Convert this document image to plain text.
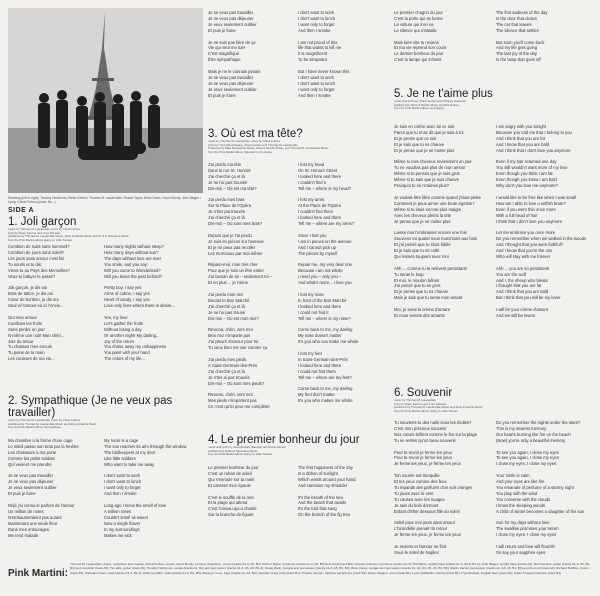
Standing (left to right): Timothy Nishimoto, Dieter Ehrlich, Thomas M. Lauderdale, Robert Taylor, Brian Davis, Gavin Bondy, John Wager / Lying: China Forbes (photo: Bo...)
SIDE A
1. Joli garçon
music by Thomas M. Lauderdale, lyrics by China Forbes
lyrics by Dave Selvine and Yves Sebasto
published by Thomas M. Lauderdale Music, Wow & Dazzle Music and M. & F. Deleurme Music
from the Pink Martini album Hang on Little Tomato
Combien de nuits sans sommeil?
Combien de jours sans soleil?
Les jours sans amour c'est fini
Tu souris et tu dis:
Viens-tu au Pays des Merveilles?
Veux-tu babyer le passé?

Joli garçon, je dis oui
Bras de tatton, je dis oui
Cœur de bonbon, je dis oui
Seul vil l'amour où ici l'envie...

Oui mon amour
Cueillons les fruits
Sans perdre un jour
N-même une nuit! Mon chéri...
Joie du retour
Tu chasses mes ennuis
Tu peins de ta main
Les couleurs de ma vie...
How many nights without sleep?
How many days without sun?
The days without love are over
You smile, and you say:
Will you come to Wonderland?
Will you leave the past behind?

Pretty boy, I say yes
Arms of cotton, I say yes
Heart of candy, I say yes
Love only lives where there is desire...

Yes, my love
Let's gather the fruits
Without losing a day
Or another night! My darling...
Joy of the return
You chase away my unhappiness
You paint with your hand
The colors of my life...
2. Sympathique (Je ne veux pas travailler)
music by Thomas M. Lauderdale, lyrics by China Forbes
published by Thomas M. Lauderdale Music and Wow & Dazzle Music
from the Pink Martini album Sympathique
Ma chambre a la forme d'une cage
Le soleil passe son bras par la fenêtre
Les chasseurs à ma porte
Comme les petits soldats
Qui veulent me prendre

Je ne veux pas travailler
Je ne veux pas déjeuner
Je veux seulement oublier
Et puis je fume

Déjà j'ai connu le parfum de l'amour
Un million de roses
N'embaumeraient pas autant
Maintenant une seule fleur
Dans mes entourages
Me rend malade
My room is a cage
The sun reaches its arm through the window
The birdkeepers at my door
Like little soldiers
Who want to take me away

I don't want to work
I don't want to lunch
I want only to forget
And then I smoke

Long ago I knew the smell of love
A million roses
Couldn't smell as sweet
Now a single flower
In my surroundings
Makes me sick
Je ne veux pas travailler
Je ne veux pas déjeuner
Je veux seulement oublier
Et puis je fume

Je ne suis pas fière de ça
Vie qui veut me tuer
C'est magnifique
Être sympathique

Mais je ne le connais jamais
Je ne veux pas travailler
Je ne veux pas déjeuner
Je veux seulement oublier
Et puis je fume
I don't want to work
I don't want to lunch
I want only to forget
And then I smoke

I am not proud of this
life that wants to kill me
It is magnificent
To be simpatico

But I have never known this
I don't want to work
I don't want to lunch
I want only to forget
And then I smoke
3. Où est ma tête?
music by Thomas M. Lauderdale, lyrics by China Forbes
lyrics by Yves Mouchelaine, China Forbes and Thomas M. Lauderdale
Produced by Mike Moonshine Music, Wow & Dazzle Music, and Thomas M. Lauderdale Music
from the Pink Martini album Splendor in the Grass
J'ai perdu ma tête
Dans la rue St. Honoré
J'ai cherché ça et là
Je ne l'ai pas trouvée
Dis-moi – Où est ma tête?

J'ai perdu mes bras
Sur la Place de l'Opéra
Je n'ties pai trouvés
J'ai cherché ça et là
Dis-moi – Où sont mes bras?

Depuis que je t'ai perdu
Je suis en pièces sur l'avenue
Et je ne peux pas recoller
Les morceaux par moi-même

Répare-moi, mon très cher
Pour que je sois un être entier
J'ai besoin de toi – seulement toi –
Et en plus ... je t'aime

J'ai perdu mon nez
Devant le Bon Marché
J'ai cherché ça et là
Je ne l'ai pas trouvé
Dis-moi – Où est mon nez?

Revicna, chéri, vers moi
Mon nez n'importe pas
J'ai pleuré d'amour pour toi
Tu veux bien me voir comme ça

J'ai perdu mes pieds
À Saint-Germain-des-Prés
J'ai cherché ça et là
Je n'tes ai pas trouvés
Dis-moi – Où sont mes pieds?

Reviens, chéri, vers moi
Mes pieds n'importent pas
Ce n'est qu'ici pour me compléter
I lost my head
On St. Honoré Street
I looked here and there
I couldn't find it
Tell me – where is my head?

I lost my arms
At the Place de l'Opéra
I couldn't find them
I looked here and there
Tell me – where are my arms?

Since I lost you
I am in pieces on the avenue
And I cannot pick up
The pieces by myself

Repair me, my very dear one
Because I am not whole
I need you – only you –
And what's more... I love you

I lost my nose
In front of the Bon Marché
I looked here and there
I could not find it
Tell me – where is my nose?

Come back to me, my darling
My nose doesn't matter
It's you who can make me whole

I lost my feet
In Saint-Germain-des-Prés
I looked here and there
I could not find them
Tell me – where are my feet?

Come back to me, my darling
My feet don't matter
It's you who makes me whole
4. Le premier bonheur du jour
music and lyrics by Jean-Renard (Renard) and Frank Gérald
published by Editions Musicales Alpha
from the Pink Martini album Hang on Little Tomato
Le premier bonheur du jour
C'est un ruban de soleil
Qui s'enroule sur ta main
Et caresse mon épaule

C'est le souffle de la mer
Et la plage qui attend
C'est l'oiseau qui a chanté
Sur la branche du figuier
The first happiness of the day
Is a ribbon of sunlight
Which winds around your hand
And caresses my shoulder

It's the breath of the sea
And the beach that awaits
It's the bird that sang
On the branch of the fig tree
Le premier chagrin du jour
C'est la porte qui se ferme
La voiture qui s'en va
Le silence qui s'installe

Mais bien vite tu reviens
Et ma vie reprend son cours
Le dernier bonheur du jour
C'est la lampe qui s'éteint
The first sadness of the day
Is the door that closes
The car that leaves
The silence that settles

But soon you'll come back
And my life gets going
The last joy of the day
Is the lamp that goes off
5. Je ne t'aime plus
music and lyrics by China Forbes and Philippe Gasteraz
published by Wow & Dazzle Music and Ella Edition
from the Pink Martini album Get Happy
Je suis en colère avec toi ce soir
Parce que tu m'as dit que je suis à toi
Et je pense que ce soir
Et je sais que tu es chauve
Et je pense que je ne t'aime plus

Même si mes cheveux reviendrent un jour
Tu ne voudras pas plus de mon amour
Même si tu penses que je suis gros
Même si tu sais que je suis chauve
Pourquoi tu ne m'aimes plus?

Je voulais être libre comme quand j'étais petite
Comment je peux aimer une brute égoïste?
Même si tu étais encore plus maigre
Avec les cheveux pleins la tête
Je pense que je ne t'aime plus

Laisse moi t'embrasser encore une fois
Souviens toi quand nous marchions aux bois
Et j'ai pensé que tu étais fidèle
Et je sais que tu es cotlé
Qui restera toujours avec moi

Ahh ... comme tu te relèvent persistant!
Tu seras le loup
Et moi, le mouton bêlant
J'ai pensé que tu es gros
Et je pense que tu es chauve
Mais je sais que tu seras mon amant

Moi, je serai la crème d'amant
Et nous serons des amants
I am angry with you tonight
Because you told me that I belong to you
And I think that you are fat
And I know that you are bald
And I think that I don't love you anymore

Even if my hair returned one day
You still wouldn't want more of my love
Even though you think I am fat
Even though you know I am bald
Why don't you love me anymore?

I would like to be free like when I was small
How am I able to love a selfish brute?
Even if you were thin once more
With a full head of hair
I think that I don't love you anymore

Let me embrace you once more
Do you remember when we walked in the woods
And I thought that you were faithful?
And I know that you're the one
Who will stay with me forever

Ahh ... you are so persistent!
You are the wolf
And I, the sheep who bleats
I thought that you are fat
And I think that you are bald
But I think that you will be my lover

I will be your crème d'amant
And we will be lovers
6. Souvenir
music by Thomas M. Lauderdale
lyrics by Dave Selvine and Yves Sebasto
published by Thomas M. Lauderdale Music and Wow & Dazzle Music
from the Pink Martini album Hang on Little Tomato
Tu souviens-tu des nuits sous les étoiles?
C'est mon précieux souvenir
Nos cœurs brillent comme le feu sur la plage
Tu ne restes qu'un beau souvenir

Pour te revoir je ferme les yeux
Pour te revoir je ferme les yeux
Je ferme les yeux, je ferme les yeux

Ton sourire est tranquille
Et tes yeux comme des feux
Tu répands des parfums d'un soir oranges
Tu joues avec le vent
Tu causes avec les nuages
Je sais du bois dormant
Enfant d'Ither dessous fille du soleil

Soleil pour moi jours sans amour
L'hirondelle prenait Ito retour
Je ferme les yeux, je ferme les yeux

Je reviens et l'amour ne finit
Sous le soleil de Naples
Do you remember the nights under the stars?
This is my dearest memory
Our hearts burning like fire on the beach
(Now) you're only a beautiful memory

To see you again, I close my eyes
To see you again, I close my eyes
I close my eyes, I close my eyes

Your smile is calm
And your eyes are like fire
You emanate of perfume of a stormy night
You play with the wind
You converse with the clouds
I know the sleeping woods
A child of winter becomes a daughter of the sun

Sun for my days without love
The swallow promises your return
I close my eyes, I close my eyes

I will return and love will flourish
So say your sapphire eyes
Pink Martini:
Thomas M. Lauderdale, piano, xylophone and celeste; China Forbes, vocals; Gavin Bondy, trumpet, flugelhorn, cornet (tracks A1-3, A5, B3); Robert Taylor, trombone (tracks A1-3, A5, B3) and vocal (track B3); Antonio Andrews, trombone (tracks A1-3); Phil Baker, upright bass (tracks A1-3, A5-6, B1-3); John Wager, upright bass (tracks A4); Dan Faehnle, guitar (tracks A1-3, A5, B1, B3) and mandolin (track A6); Tim Ellis, guitar (track A5); Timothy Nishimoto, vocals (tracks A1, B1) and percussion (tracks A1-3, A5, A6, B1-3); Derek Rieth, bongos and percussion (tracks A1-3, A5, B1, B3); Brian Davis, congas and percussion (tracks A1, A2, A3, A5, A6, B1, B3); Martin Zarzar, percussion (tracks A2, A3, A5, B1, B3) and drum kit (track A4); Richard Rothfus, drums (track A5); Nicholas Crosa, violin (tracks A1-3, B1-3); Paloma Griffin, violin (tracks A1-3, B1, B3); Maureen Love, harp (tracks A1, A3, B2); Jennifer Craig, harp (track B1); Timothy Jensen, baritone saxophone (track B1); Karen Wagner, oboe (track B1); Louis DeMartini, clarinet (track B1); Kyle Mustain, English horn (track B1); Adam Trussell, bassoon (track B1)
